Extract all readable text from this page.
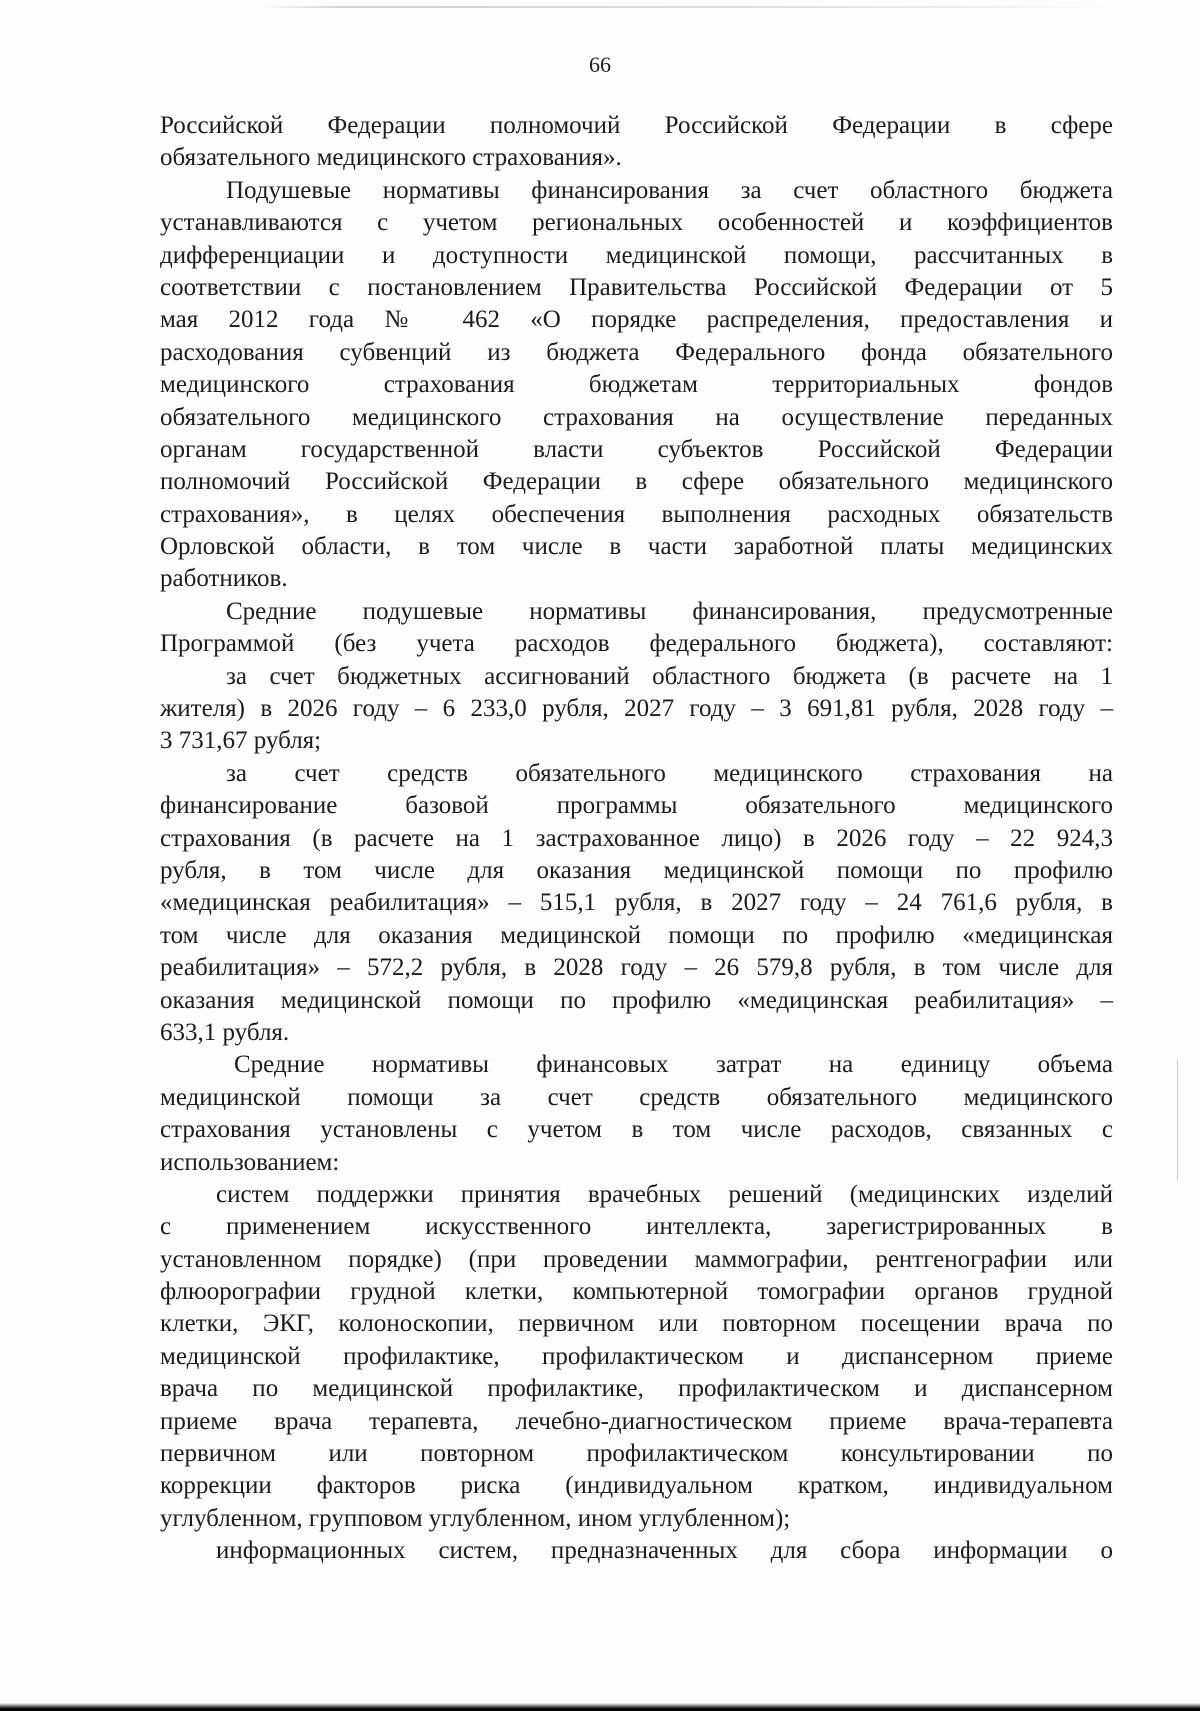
66
Российской Федерации полномочий Российской Федерации в сфере
обязательного медицинского страхования».
Подушевые нормативы финансирования за счет областного бюджета
устанавливаются с учетом региональных особенностей и коэффициентов
дифференциации и доступности медицинской помощи, рассчитанных в
соответствии с постановлением Правительства Российской Федерации от 5
мая 2012 года № 462 «О порядке распределения, предоставления и
расходования субвенций из бюджета Федерального фонда обязательного
медицинского страхования бюджетам территориальных фондов
обязательного медицинского страхования на осуществление переданных
органам государственной власти субъектов Российской Федерации
полномочий Российской Федерации в сфере обязательного медицинского
страхования», в целях обеспечения выполнения расходных обязательств
Орловской области, в том числе в части заработной платы медицинских
работников.
Средние подушевые нормативы финансирования, предусмотренные
Программой (без учета расходов федерального бюджета), составляют:
за счет бюджетных ассигнований областного бюджета (в расчете на 1
жителя) в 2026 году – 6 233,0 рубля, 2027 году – 3 691,81 рубля, 2028 году –
3 731,67 рубля;
за счет средств обязательного медицинского страхования на
финансирование базовой программы обязательного медицинского
страхования (в расчете на 1 застрахованное лицо) в 2026 году – 22 924,3
рубля, в том числе для оказания медицинской помощи по профилю
«медицинская реабилитация» – 515,1 рубля, в 2027 году – 24 761,6 рубля, в
том числе для оказания медицинской помощи по профилю «медицинская
реабилитация» – 572,2 рубля, в 2028 году – 26 579,8 рубля, в том числе для
оказания медицинской помощи по профилю «медицинская реабилитация» –
633,1 рубля.
Средние нормативы финансовых затрат на единицу объема
медицинской помощи за счет средств обязательного медицинского
страхования установлены с учетом в том числе расходов, связанных с
использованием:
систем поддержки принятия врачебных решений (медицинских изделий
с применением искусственного интеллекта, зарегистрированных в
установленном порядке) (при проведении маммографии, рентгенографии или
флюорографии грудной клетки, компьютерной томографии органов грудной
клетки, ЭКГ, колоноскопии, первичном или повторном посещении врача по
медицинской профилактике, профилактическом и диспансерном приеме
врача по медицинской профилактике, профилактическом и диспансерном
приеме врача терапевта, лечебно-диагностическом приеме врача-терапевта
первичном или повторном профилактическом консультировании по
коррекции факторов риска (индивидуальном кратком, индивидуальном
углубленном, групповом углубленном, ином углубленном);
информационных систем, предназначенных для сбора информации о
